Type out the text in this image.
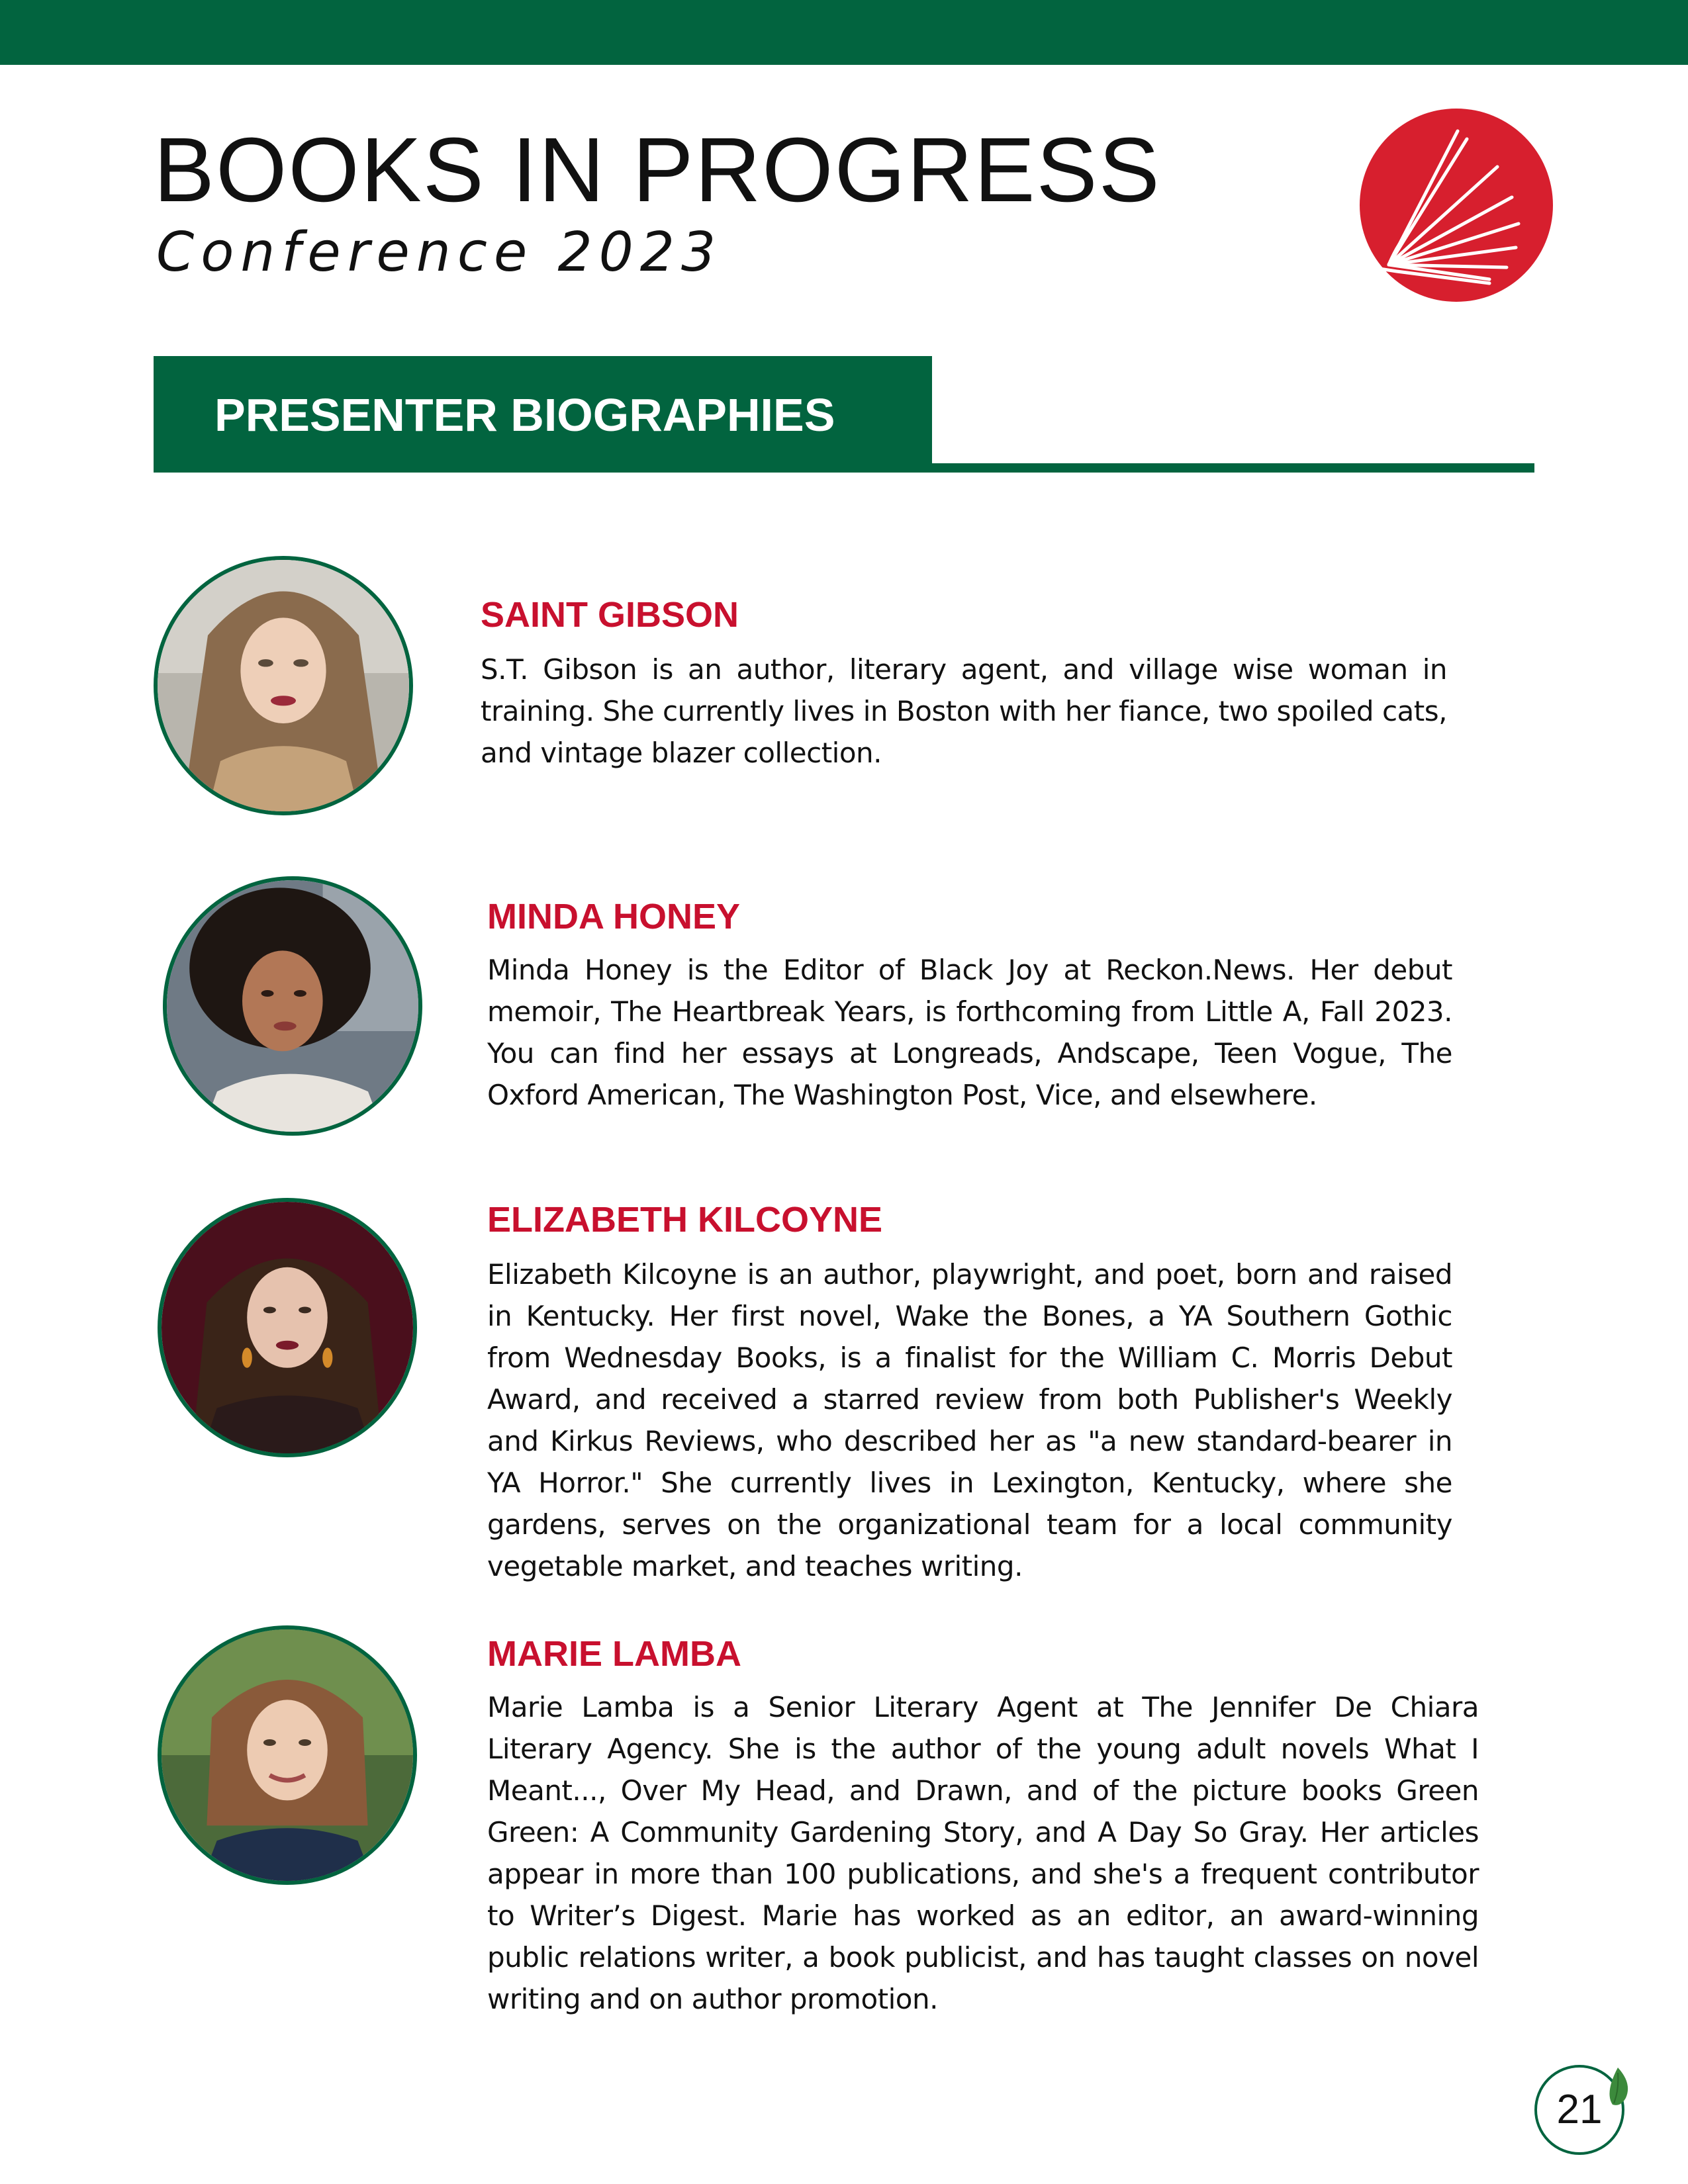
BOOKS IN PROGRESS
Conference 2023
PRESENTER BIOGRAPHIES
SAINT GIBSON

S.T. Gibson is an author, literary agent, and village wise woman in training. She currently lives in Boston with her fiance, two spoiled cats, and vintage blazer collection.

MINDA HONEY

Minda Honey is the Editor of Black Joy at Reckon.News. Her debut memoir, The Heartbreak Years, is forthcoming from Little A, Fall 2023. You can find her essays at Longreads, Andscape, Teen Vogue, The Oxford American, The Washington Post, Vice, and elsewhere.

ELIZABETH KILCOYNE

Elizabeth Kilcoyne is an author, playwright, and poet, born and raised in Kentucky. Her first novel, Wake the Bones, a YA Southern Gothic from Wednesday Books, is a finalist for the William C. Morris Debut Award, and received a starred review from both Publisher's Weekly and Kirkus Reviews, who described her as "a new standard-bearer in YA Horror." She currently lives in Lexington, Kentucky, where she gardens, serves on the organizational team for a local community vegetable market, and teaches writing.

MARIE LAMBA

Marie Lamba is a Senior Literary Agent at The Jennifer De Chiara Literary Agency. She is the author of the young adult novels What I Meant..., Over My Head, and Drawn, and of the picture books Green Green: A Community Gardening Story, and A Day So Gray. Her articles appear in more than 100 publications, and she's a frequent contributor to Writer’s Digest. Marie has worked as an editor, an award-winning public relations writer, a book publicist, and has taught classes on novel writing and on author promotion.

21
